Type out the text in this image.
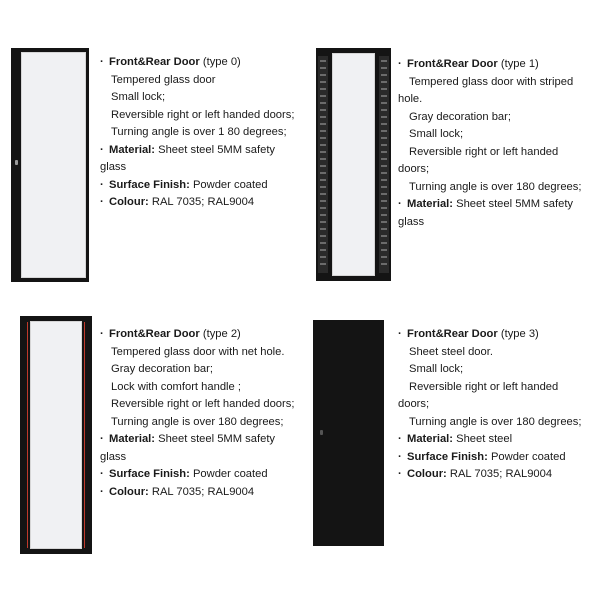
· Front&Rear Door (type 0)
Tempered glass door
Small lock;
Reversible right or left handed doors;
Turning angle is over 1 80 degrees;
· Material: Sheet steel 5MM safety
glass
· Surface Finish: Powder coated
· Colour: RAL 7035; RAL9004
· Front&Rear Door (type 1)
Tempered glass door with striped
hole.
Gray decoration bar;
Small lock;
Reversible right or left handed
doors;
Turning angle is over 180 degrees;
· Material: Sheet steel 5MM safety
glass
· Front&Rear Door (type 2)
Tempered glass door with net hole.
Gray decoration bar;
Lock with comfort handle ;
Reversible right or left handed doors;
Turning angle is over 180 degrees;
· Material: Sheet steel 5MM safety
glass
· Surface Finish: Powder coated
· Colour: RAL 7035; RAL9004
· Front&Rear Door (type 3)
Sheet steel door.
Small lock;
Reversible right or left handed
doors;
Turning angle is over 180 degrees;
· Material: Sheet steel
· Surface Finish: Powder coated
· Colour: RAL 7035; RAL9004
